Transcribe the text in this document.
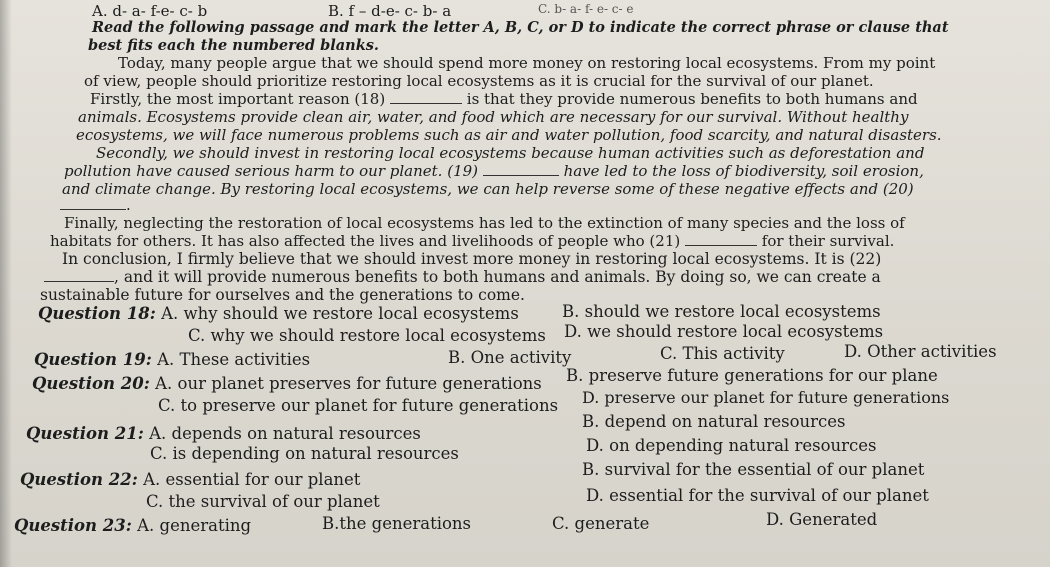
A. d- a- f-e- c- b	B. f – d-e- c- b- a	C. b- a- f- e- c- e
Read the following passage and mark the letter A, B, C, or D to indicate the correct phrase or clause that
best fits each the numbered blanks.
Today, many people argue that we should spend more money on restoring local ecosystems. From my point
of view, people should prioritize restoring local ecosystems as it is crucial for the survival of our planet.
Firstly, the most important reason (18)	is that they provide numerous benefits to both humans and
animals. Ecosystems provide clean air, water, and food which are necessary for our survival. Without healthy
ecosystems, we will face numerous problems such as air and water pollution, food scarcity, and natural disasters.
Secondly, we should invest in restoring local ecosystems because human activities such as deforestation and
pollution have caused serious harm to our planet. (19)	have led to the loss of biodiversity, soil erosion,
and climate change. By restoring local ecosystems, we can help reverse some of these negative effects and (20)
.
Finally, neglecting the restoration of local ecosystems has led to the extinction of many species and the loss of
habitats for others. It has also affected the lives and livelihoods of people who (21)	for their survival.
In conclusion, I firmly believe that we should invest more money in restoring local ecosystems. It is (22)
, and it will provide numerous benefits to both humans and animals. By doing so, we can create a
sustainable future for ourselves and the generations to come.
Question 18: A. why should we restore local ecosystems	B. should we restore local ecosystems
C. why we should restore local ecosystems D. we should restore local ecosystems
Question 19: A. These activities	B. One activity	C. This activity	D. Other activities
Question 20: A. our planet preserves for future generations B. preserve future generations for our plane
C. to preserve our planet for future generations D. preserve our planet for future generations
Question 21: A. depends on natural resources
B. depend on natural resources
C. is depending on natural resources	D. on depending natural resources
Question 22: A. essential for our planet
B. survival for the essential of our planet
C. the survival of our planet	D. essential for the survival of our planet
Question 23: A. generating	B.the generations	C. generate	D. Generated
